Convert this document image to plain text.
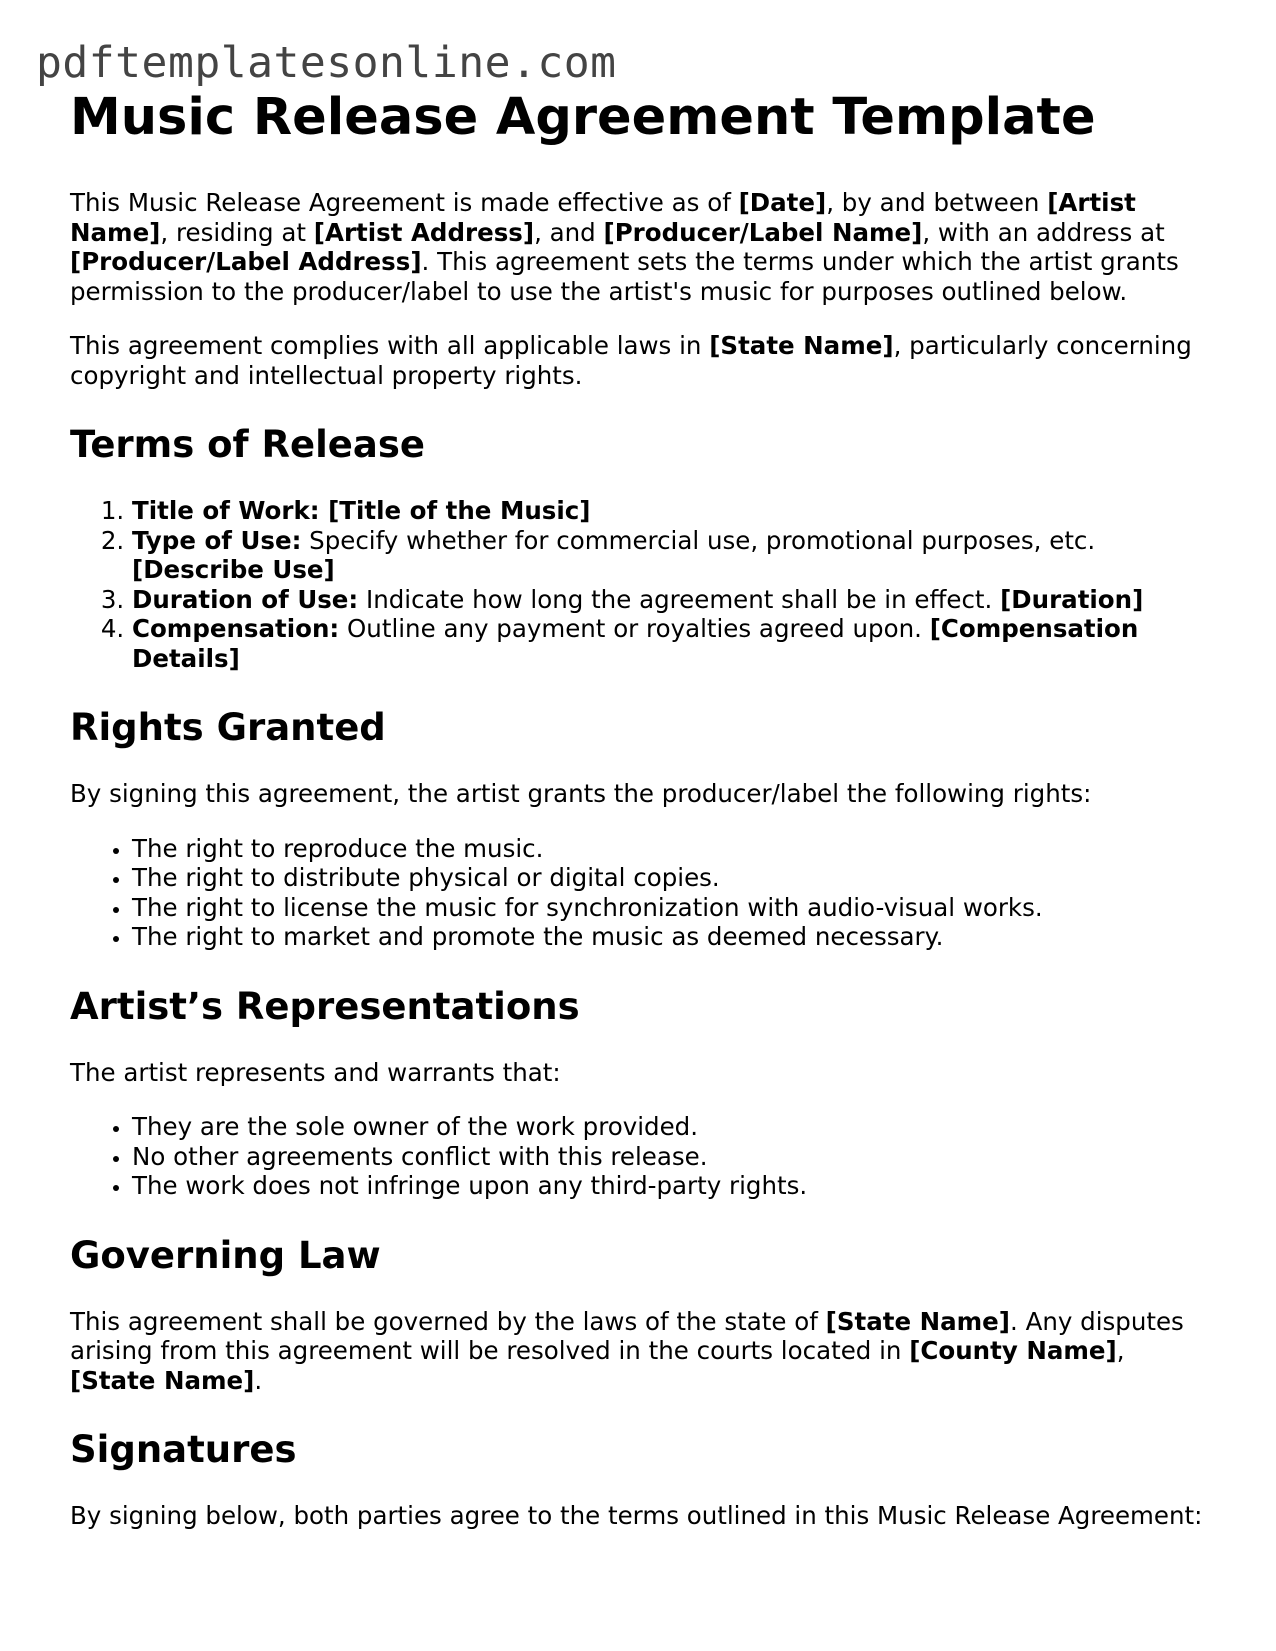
pdftemplatesonline.com
Music Release Agreement Template

This Music Release Agreement is made effective as of [Date], by and between [Artist Name], residing at [Artist Address], and [Producer/Label Name], with an address at [Producer/Label Address]. This agreement sets the terms under which the artist grants permission to the producer/label to use the artist's music for purposes outlined below.

This agreement complies with all applicable laws in [State Name], particularly concerning copyright and intellectual property rights.

Terms of Release
1. Title of Work: [Title of the Music]
2. Type of Use: Specify whether for commercial use, promotional purposes, etc. [Describe Use]
3. Duration of Use: Indicate how long the agreement shall be in effect. [Duration]
4. Compensation: Outline any payment or royalties agreed upon. [Compensation Details]
Rights Granted

By signing this agreement, the artist grants the producer/label the following rights:

• The right to reproduce the music.
• The right to distribute physical or digital copies.
• The right to license the music for synchronization with audio-visual works.
• The right to market and promote the music as deemed necessary.
Artist’s Representations

The artist represents and warrants that:

• They are the sole owner of the work provided.
• No other agreements conflict with this release.
• The work does not infringe upon any third-party rights.
Governing Law

This agreement shall be governed by the laws of the state of [State Name]. Any disputes arising from this agreement will be resolved in the courts located in [County Name], [State Name].

Signatures

By signing below, both parties agree to the terms outlined in this Music Release Agreement:
